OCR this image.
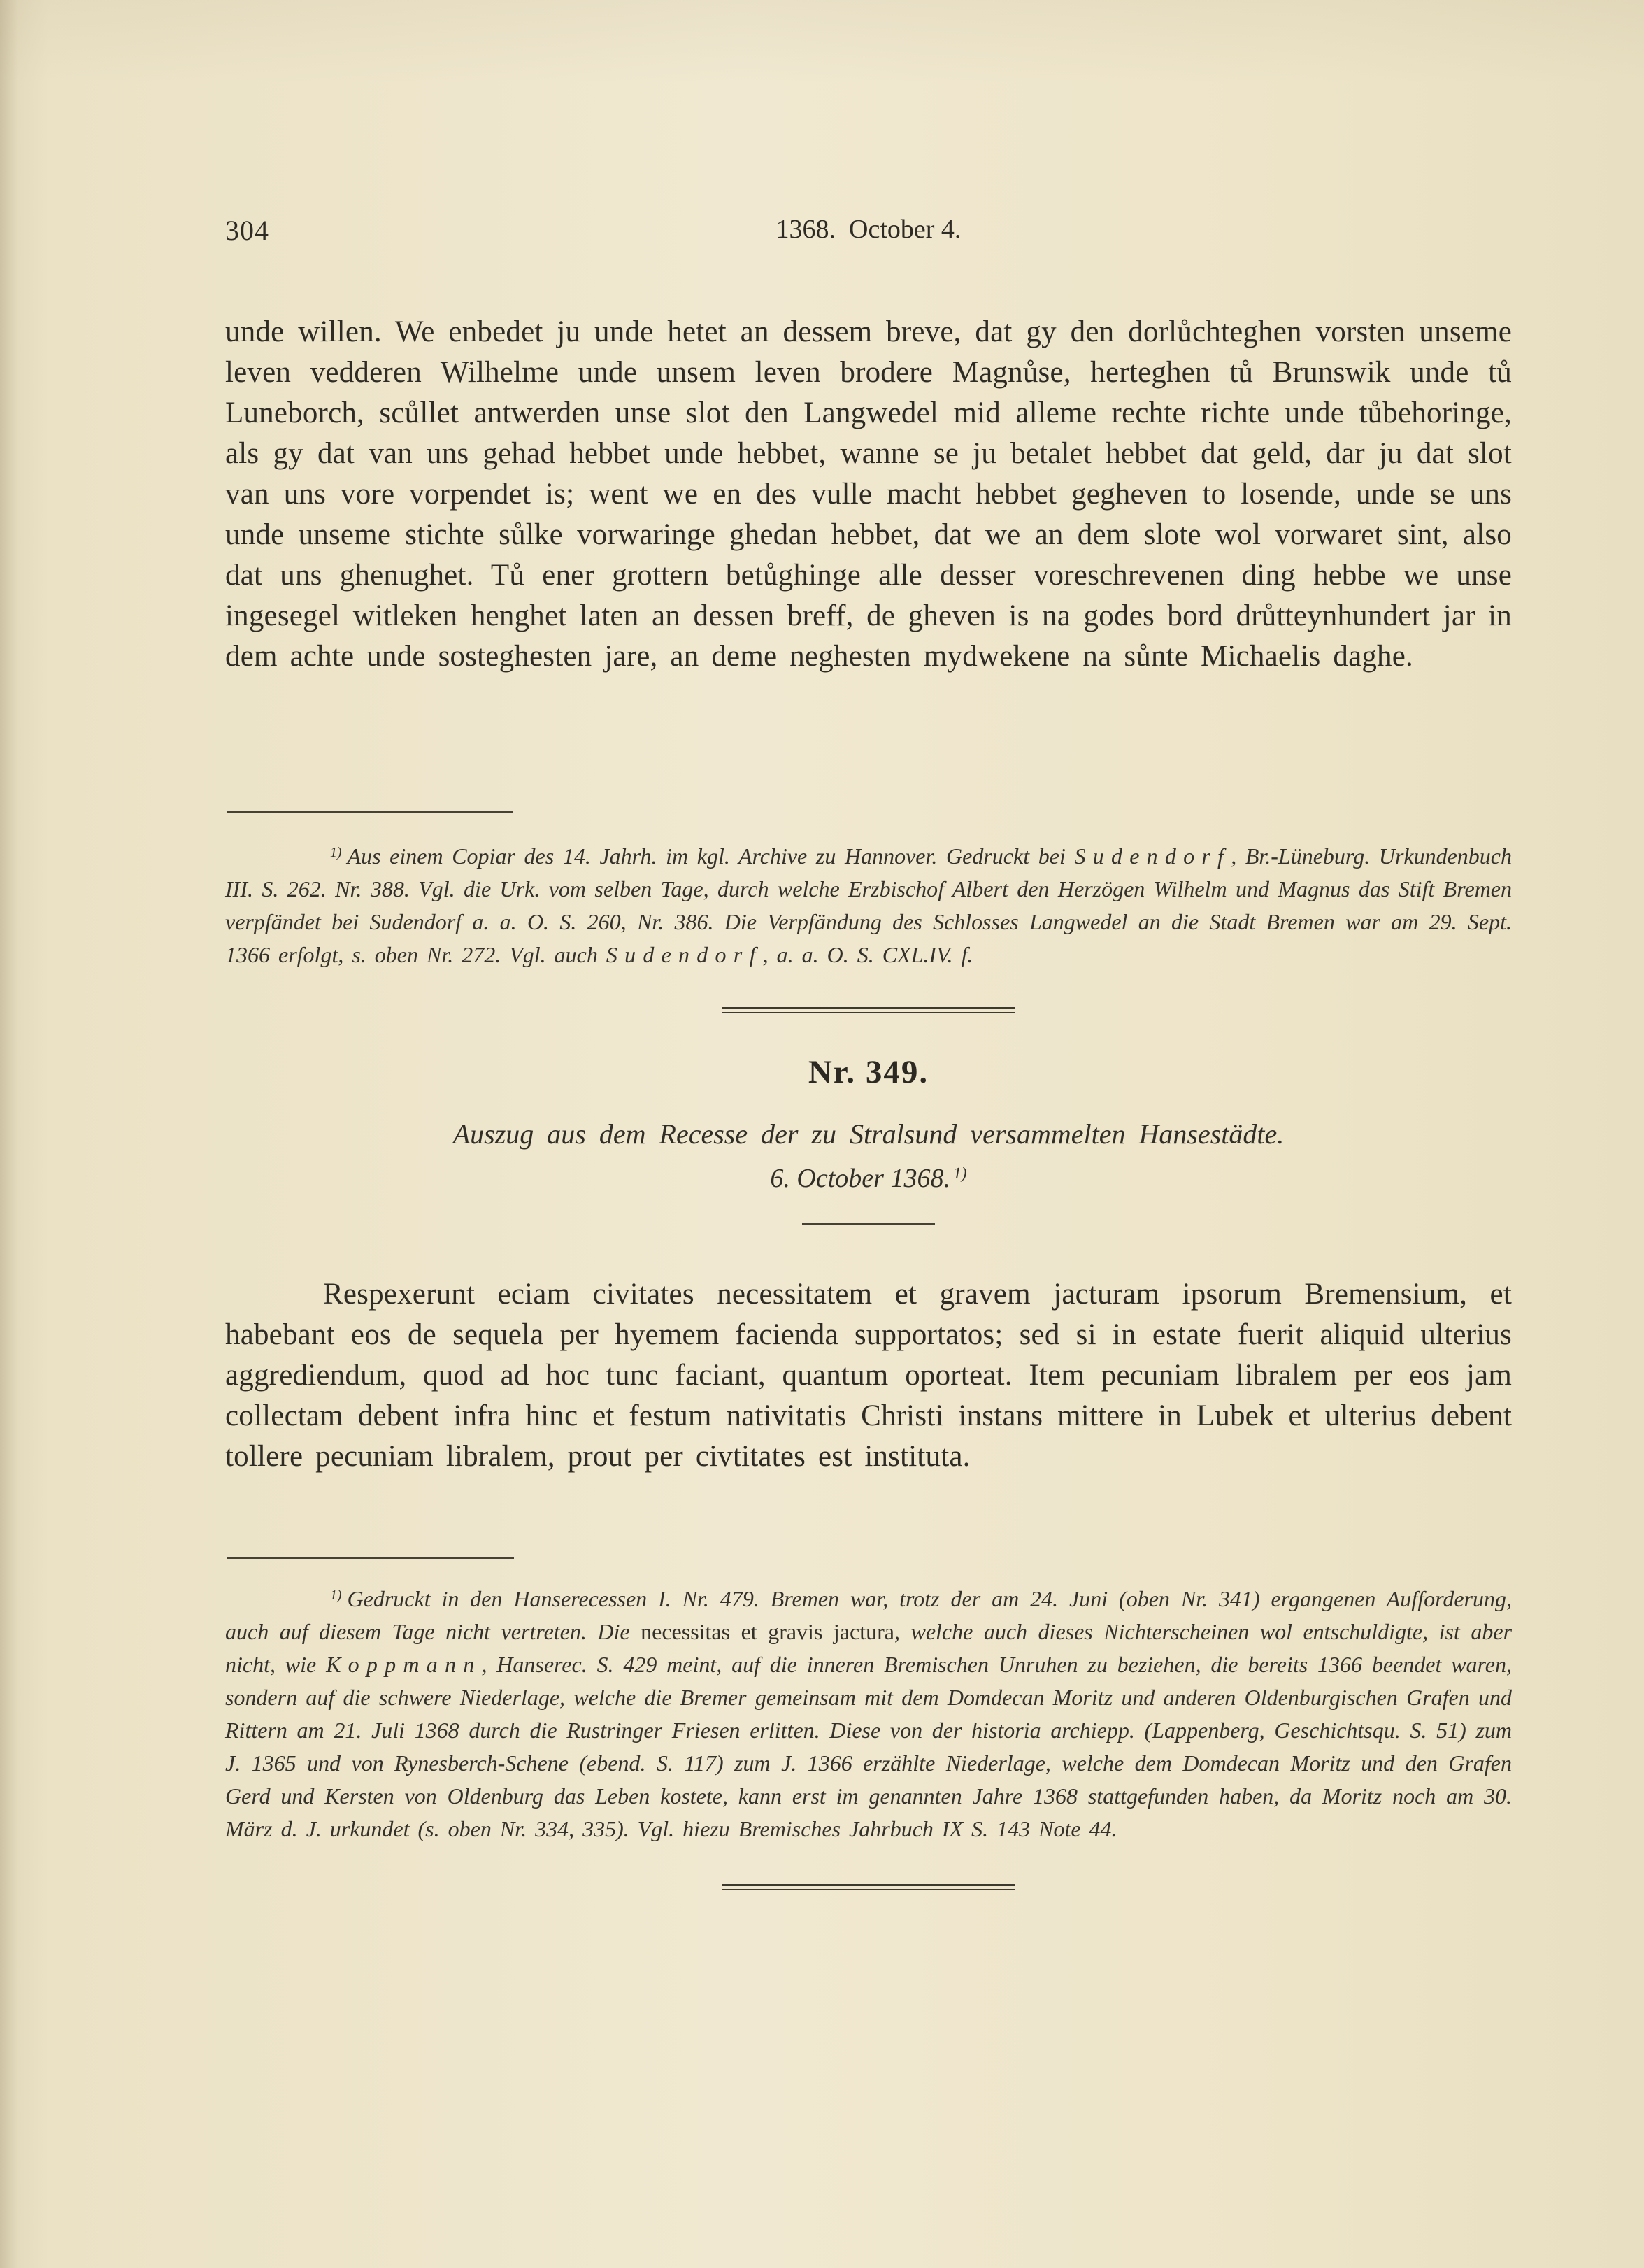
1368.  October 4.
304
unde willen. We enbedet ju unde hetet an dessem breve, dat gy den dorlůchteghen vorsten unseme leven vedderen Wilhelme unde unsem leven brodere Magnůse, herteghen tů Brunswik unde tů Luneborch, scůllet antwerden unse slot den Langwedel mid alleme rechte richte unde tůbehoringe, als gy dat van uns gehad hebbet unde hebbet, wanne se ju betalet hebbet dat geld, dar ju dat slot van uns vore vorpendet is; went we en des vulle macht hebbet gegheven to losende, unde se uns unde unseme stichte sůlke vorwaringe ghedan hebbet, dat we an dem slote wol vorwaret sint, also dat uns ghenughet. Tů ener grottern betůghinge alle desser voreschrevenen ding hebbe we unse ingesegel witleken henghet laten an dessen breff, de gheven is na godes bord drůtteynhundert jar in dem achte unde sosteghesten jare, an deme neghesten mydwekene na sůnte Michaelis daghe.
$^{1)}$ Aus einem Copiar des 14. Jahrh. im kgl. Archive zu Hannover. Gedruckt bei Sudendorf, Br.-Lüneburg. Urkundenbuch III. S. 262. Nr. 388. Vgl. die Urk. vom selben Tage, durch welche Erzbischof Albert den Herzögen Wilhelm und Magnus das Stift Bremen verpfändet bei Sudendorf a. a. O. S. 260, Nr. 386. Die Verpfändung des Schlosses Langwedel an die Stadt Bremen war am 29. Sept. 1366 erfolgt, s. oben Nr. 272. Vgl. auch Sudendorf, a. a. O. S. CXL.IV. f.
Nr. 349.
Auszug aus dem Recesse der zu Stralsund versammelten Hansestädte.
6. October 1368. $^{1)}$
Respexerunt eciam civitates necessitatem et gravem jacturam ipsorum Bremensium, et habebant eos de sequela per hyemem facienda supportatos; sed si in estate fuerit aliquid ulterius aggrediendum, quod ad hoc tunc faciant, quantum oporteat. Item pecuniam libralem per eos jam collectam debent infra hinc et festum nativitatis Christi instans mittere in Lubek et ulterius debent tollere pecuniam libralem, prout per civtitates est instituta.
$^{1)}$ Gedruckt in den Hanserecessen I. Nr. 479. Bremen war, trotz der am 24. Juni (oben Nr. 341) ergangenen Aufforderung, auch auf diesem Tage nicht vertreten. Die necessitas et gravis jactura, welche auch dieses Nichterscheinen wol entschuldigte, ist aber nicht, wie Koppmann, Hanserec. S. 429 meint, auf die inneren Bremischen Unruhen zu beziehen, die bereits 1366 beendet waren, sondern auf die schwere Niederlage, welche die Bremer gemeinsam mit dem Domdecan Moritz und anderen Oldenburgischen Grafen und Rittern am 21. Juli 1368 durch die Rustringer Friesen erlitten. Diese von der historia archiepp. (Lappenberg, Geschichtsqu. S. 51) zum J. 1365 und von Rynesberch-Schene (ebend. S. 117) zum J. 1366 erzählte Niederlage, welche dem Domdecan Moritz und den Grafen Gerd und Kersten von Oldenburg das Leben kostete, kann erst im genannten Jahre 1368 stattgefunden haben, da Moritz noch am 30. März d. J. urkundet (s. oben Nr. 334, 335). Vgl. hiezu Bremisches Jahrbuch IX S. 143 Note 44.
